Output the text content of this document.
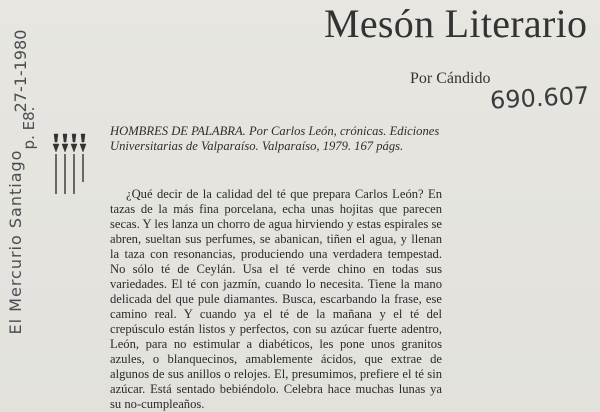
El Mercurio Santiago
27-1-1980
p. E8.
Mesón Literario
Por Cándido
690.607
HOMBRES DE PALABRA. Por Carlos León, crónicas. Ediciones Universitarias de Valparaíso. Valparaíso, 1979. 167 págs.

¿Qué decir de la calidad del té que prepara Carlos León? En tazas de la más fina porcelana, echa unas hojitas que parecen secas. Y les lanza un chorro de agua hirviendo y estas espirales se abren, sueltan sus perfumes, se abanican, tiñen el agua, y llenan la taza con resonancias, produciendo una verdadera tempestad. No sólo té de Ceylán. Usa el té verde chino en todas sus variedades. El té con jazmín, cuando lo necesita. Tiene la mano delicada del que pule diamantes. Busca, escarbando la frase, ese camino real. Y cuando ya el té de la mañana y el té del crepúsculo están listos y perfectos, con su azúcar fuerte adentro, León, para no estimular a diabéticos, les pone unos granitos azules, o blanquecinos, amablemente ácidos, que extrae de algunos de sus anillos o relojes. El, presumimos, prefiere el té sin azúcar. Está sentado bebiéndolo. Celebra hace muchas lunas ya su no-cumpleaños.
